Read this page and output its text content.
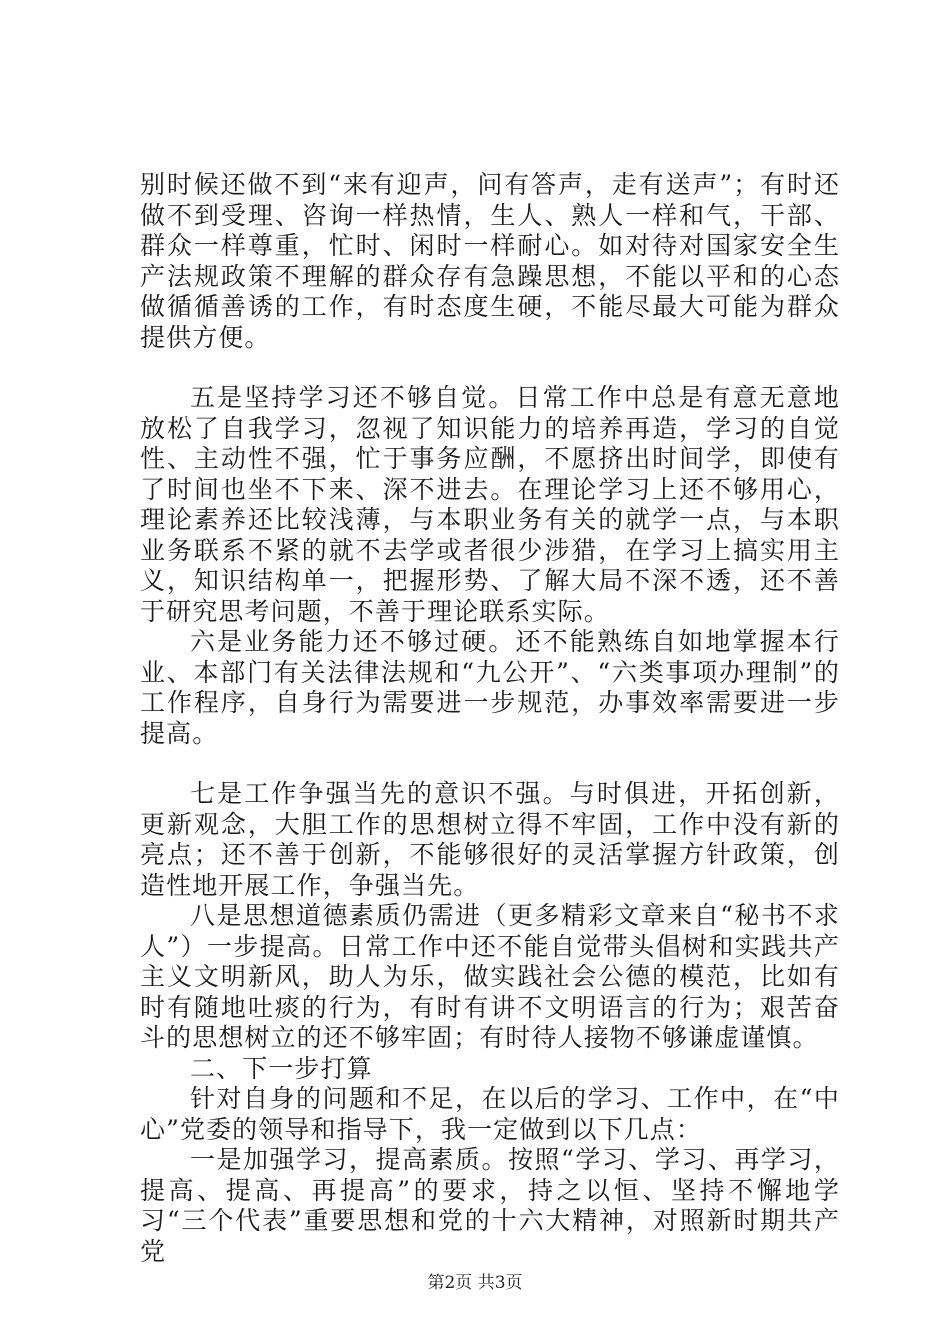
别时候还做不到“来有迎声，问有答声，走有送声”；有时还做不到受理、咨询一样热情，生人、熟人一样和气，干部、群众一样尊重，忙时、闲时一样耐心。如对待对国家安全生产法规政策不理解的群众存有急躁思想，不能以平和的心态做循循善诱的工作，有时态度生硬，不能尽最大可能为群众提供方便。

五是坚持学习还不够自觉。日常工作中总是有意无意地放松了自我学习，忽视了知识能力的培养再造，学习的自觉性、主动性不强，忙于事务应酬，不愿挤出时间学，即使有了时间也坐不下来、深不进去。在理论学习上还不够用心，理论素养还比较浅薄，与本职业务有关的就学一点，与本职业务联系不紧的就不去学或者很少涉猎，在学习上搞实用主义，知识结构单一，把握形势、了解大局不深不透，还不善于研究思考问题，不善于理论联系实际。

六是业务能力还不够过硬。还不能熟练自如地掌握本行业、本部门有关法律法规和“九公开”、“六类事项办理制”的工作程序，自身行为需要进一步规范，办事效率需要进一步提高。

七是工作争强当先的意识不强。与时俱进，开拓创新，更新观念，大胆工作的思想树立得不牢固，工作中没有新的亮点；还不善于创新，不能够很好的灵活掌握方针政策，创造性地开展工作，争强当先。

八是思想道德素质仍需进（更多精彩文章来自“秘书不求人”）一步提高。日常工作中还不能自觉带头倡树和实践共产主义文明新风，助人为乐，做实践社会公德的模范，比如有时有随地吐痰的行为，有时有讲不文明语言的行为；艰苦奋斗的思想树立的还不够牢固；有时待人接物不够谦虚谨慎。

二、下一步打算

针对自身的问题和不足，在以后的学习、工作中，在“中心”党委的领导和指导下，我一定做到以下几点：

一是加强学习，提高素质。按照“学习、学习、再学习，提高、提高、再提高”的要求，持之以恒、坚持不懈地学习“三个代表”重要思想和党的十六大精神，对照新时期共产党

第2页 共3页
